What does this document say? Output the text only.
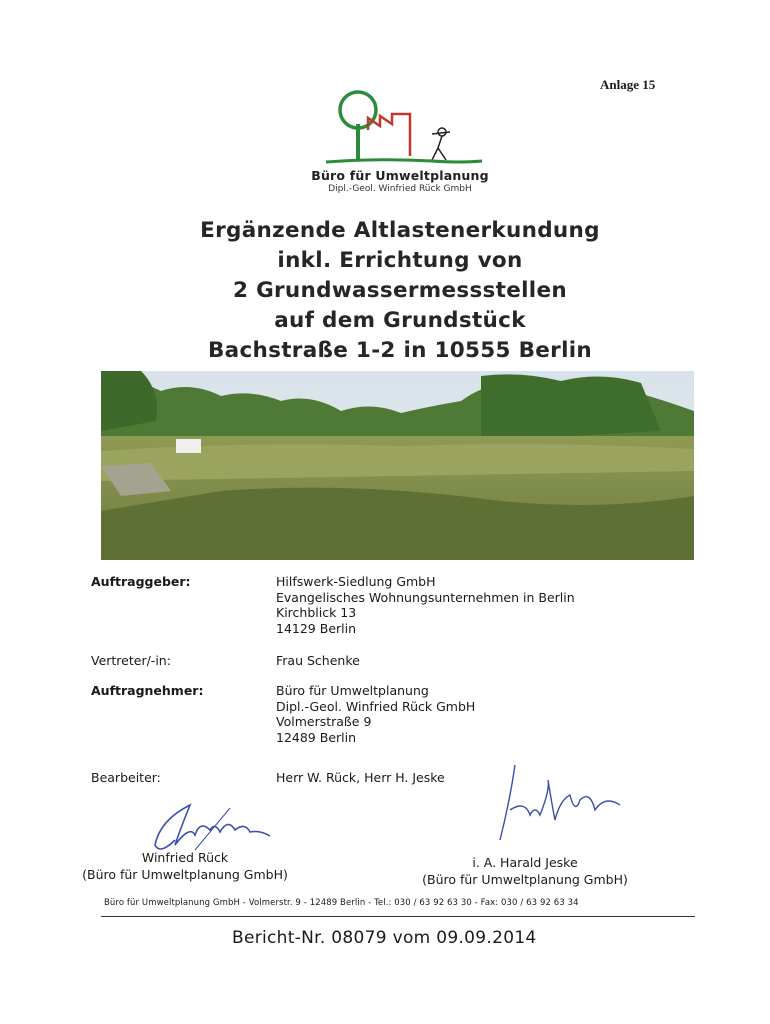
Anlage 15
Büro für Umweltplanung
Dipl.-Geol. Winfried Rück GmbH
Ergänzende Altlastenerkundung
inkl. Errichtung von
2 Grundwassermessstellen
auf dem Grundstück
Bachstraße 1-2 in 10555 Berlin
Auftraggeber:	Hilfswerk-Siedlung GmbH
Evangelisches Wohnungsunternehmen in Berlin
Kirchblick 13
14129 Berlin
Vertreter/-in:	Frau Schenke
Auftragnehmer:	Büro für Umweltplanung
Dipl.-Geol. Winfried Rück GmbH
Volmerstraße 9
12489 Berlin
Bearbeiter:	Herr W. Rück, Herr H. Jeske
Winfried Rück
(Büro für Umweltplanung GmbH)
i. A. Harald Jeske
(Büro für Umweltplanung GmbH)
Büro für Umweltplanung GmbH - Volmerstr. 9 - 12489 Berlin - Tel.: 030 / 63 92 63 30 - Fax: 030 / 63 92 63 34
Bericht-Nr. 08079 vom 09.09.2014
